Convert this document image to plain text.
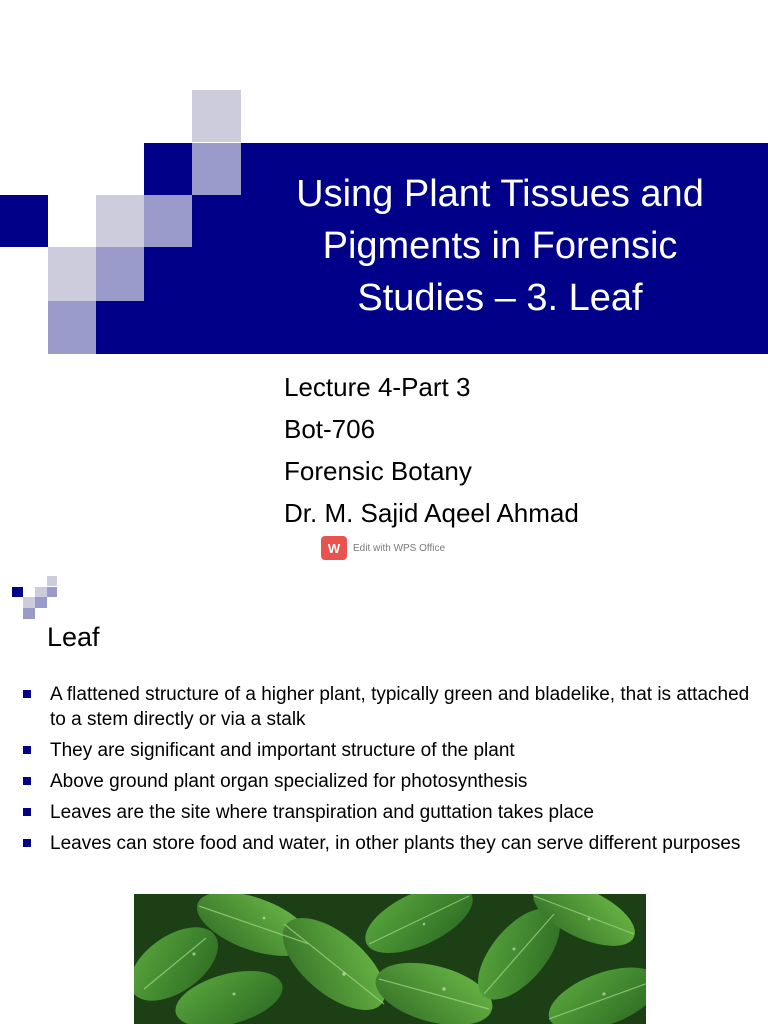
Using Plant Tissues and
Pigments in Forensic
Studies – 3. Leaf
Lecture 4-Part 3
Bot-706
Forensic Botany
Dr. M. Sajid Aqeel Ahmad
W	Edit with WPS Office
Leaf
A flattened structure of a higher plant, typically green and bladelike, that is attached to a stem directly or via a stalk
They are significant and important structure of the plant
Above ground plant organ specialized for photosynthesis
Leaves are the site where transpiration and guttation takes place
Leaves can store food and water, in other plants they can serve different purposes
